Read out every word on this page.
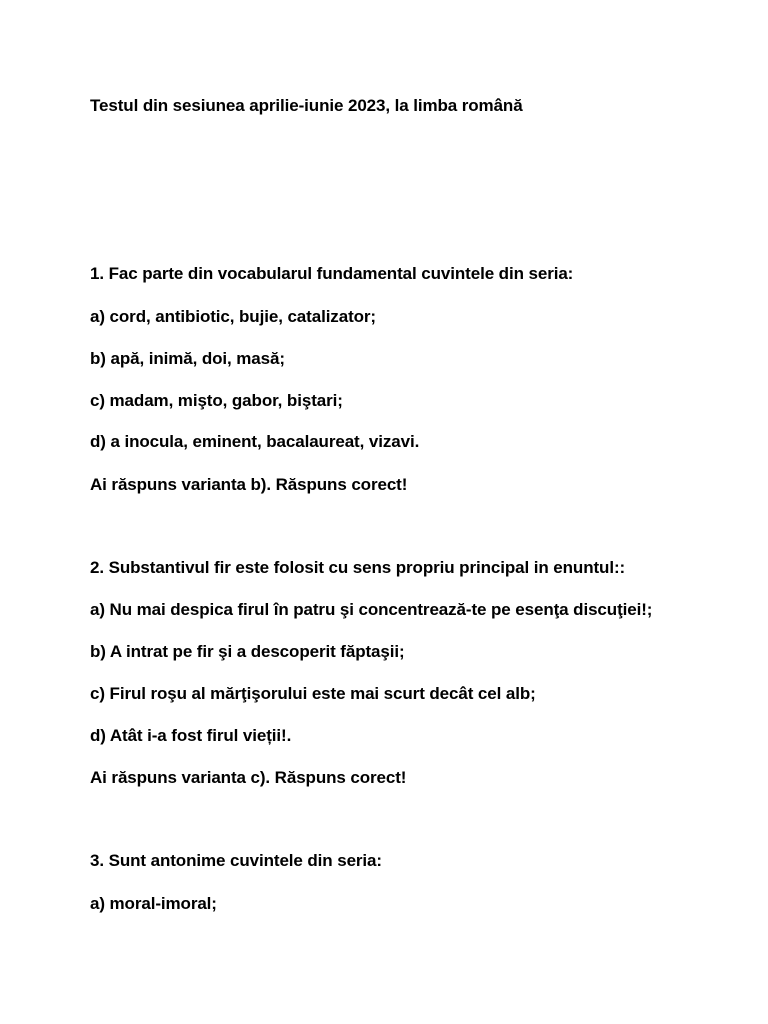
Testul din sesiunea aprilie-iunie 2023, la limba română
1. Fac parte din vocabularul fundamental cuvintele din seria:
a) cord, antibiotic, bujie, catalizator;
b) apă, inimă, doi, masă;
c) madam, mişto, gabor, biştari;
d) a inocula, eminent, bacalaureat, vizavi.
Ai răspuns varianta b). Răspuns corect!
2. Substantivul fir este folosit cu sens propriu principal in enuntul::
a) Nu mai despica firul în patru şi concentrează-te pe esenţa discuţiei!;
b) A intrat pe fir şi a descoperit făptaşii;
c) Firul roşu al mărţişorului este mai scurt decât cel alb;
d) Atât i-a fost firul vieții!.
Ai răspuns varianta c). Răspuns corect!
3. Sunt antonime cuvintele din seria:
a) moral-imoral;
